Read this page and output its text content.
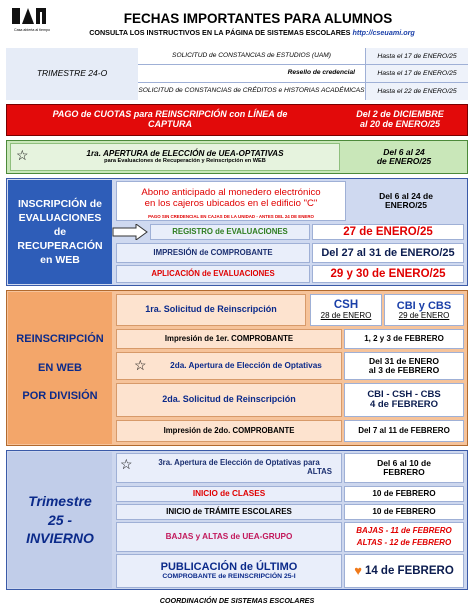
Casa abierta al tiempo
FECHAS IMPORTANTES PARA ALUMNOS
CONSULTA LOS INSTRUCTIVOS EN LA PÁGINA DE SISTEMAS ESCOLARES http://cseuami.org
TRIMESTRE 24-O
SOLICITUD de CONSTANCIAS de ESTUDIOS (UAM)	Hasta el 17 de ENERO/25
Resello de credencial	Hasta el 17 de ENERO/25
SOLICITUD de CONSTANCIAS de CRÉDITOS e HISTORIAS ACADÉMICAS	Hasta el 22 de ENERO/25
PAGO de CUOTAS para REINSCRIPCIÓN con LÍNEA de
CAPTURA
Del 2 de DICIEMBRE
al 20 de ENERO/25
☆	1ra. APERTURA de ELECCIÓN de UEA-OPTATIVAS
para Evaluaciones de Recuperación y Reinscripción en WEB
Del 6 al 24
de ENERO/25
INSCRIPCIÓN de
EVALUACIONES
de
RECUPERACIÓN
en WEB
Abono anticipado al monedero electrónico
en los cajeros ubicados en el edificio "C"
PAGO SIN CREDENCIAL EN CAJAS DE LA UNIDAD - ANTES DEL 24 DE ENERO
Del 6 al 24 de
ENERO/25
REGISTRO de EVALUACIONES	27 de ENERO/25
IMPRESIÓN de COMPROBANTE	Del 27 al 31 de ENERO/25
APLICACIÓN de EVALUACIONES	29 y 30 de ENERO/25
REINSCRIPCIÓN
EN WEB
POR DIVISIÓN
1ra. Solicitud de Reinscripción	CSH
28 de ENERO
CBI y CBS
29 de ENERO
Impresión de 1er. COMPROBANTE	1, 2 y 3 de FEBRERO
☆	2da. Apertura de Elección de Optativas
Del 31 de ENERO
al 3 de FEBRERO
2da. Solicitud de Reinscripción	CBI - CSH - CBS
4 de FEBRERO
Impresión de 2do. COMPROBANTE	Del 7 al 11 de FEBRERO
Trimestre
25 -
INVIERNO
☆	3ra. Apertura de Elección de Optativas para
ALTAS
Del 6 al 10 de
FEBRERO
INICIO de CLASES	10 de FEBRERO
INICIO de TRÁMITE ESCOLARES	10 de FEBRERO
BAJAS y ALTAS de UEA-GRUPO
BAJAS - 11 de FEBRERO
ALTAS - 12 de FEBRERO
PUBLICACIÓN de ÚLTIMO
COMPROBANTE de REINSCRIPCIÓN 25-I	♥ 14 de FEBRERO
COORDINACIÓN DE SISTEMAS ESCOLARES
